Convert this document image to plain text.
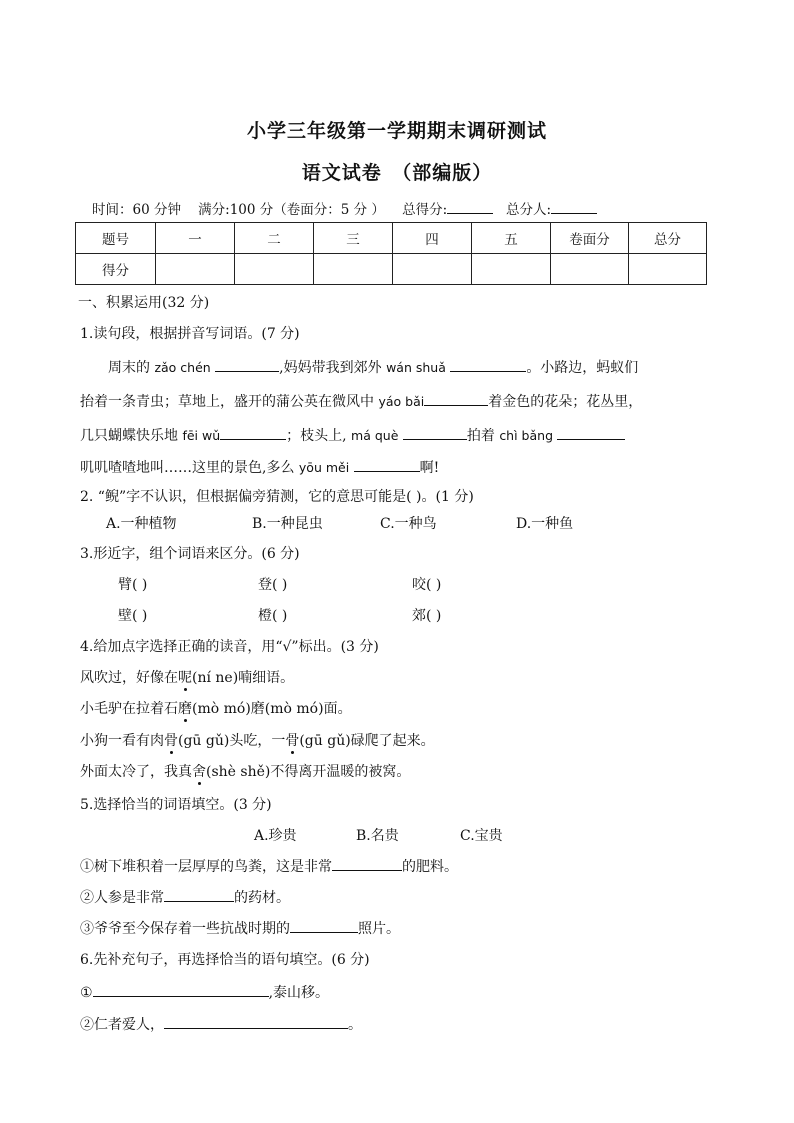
小学三年级第一学期期末调研测试
语文试卷　（部编版）
时间：60 分钟 满分:100 分（卷面分：5 分 ） 总得分:	总分人:
题号	一	二	三	四	五	卷面分	总分
得分							
一、积累运用(32 分)
1.读句段，根据拼音写词语。(7 分)
周末的 zǎo chén	,妈妈带我到郊外 wán shuǎ	。小路边，蚂蚁们
抬着一条青虫；草地上，盛开的蒲公英在微风中 yáo bǎi	着金色的花朵；花丛里，
几只蝴蝶快乐地 fēi wǔ	；枝头上, má què	拍着 chì bǎng
叽叽喳喳地叫……这里的景色,多么 yōu měi	啊!
2. “鲵”字不认识，但根据偏旁猜测，它的意思可能是( )。(1 分)
A.一种植物	B.一种昆虫	C.一种鸟	D.一种鱼
3.形近字，组个词语来区分。(6 分)
臂( )	登( )	咬( )
壁( )	橙( )	郊( )
4.给加点字选择正确的读音，用“√”标出。(3 分)
风吹过，好像在呢(ní ne)喃细语。
小毛驴在拉着石磨(mò mó)磨(mò mó)面。
小狗一看有肉骨(gū gǔ)头吃，一骨(gū gǔ)碌爬了起来。
外面太冷了，我真舍(shè shě)不得离开温暖的被窝。
5.选择恰当的词语填空。(3 分)
A.珍贵	B.名贵	C.宝贵
①树下堆积着一层厚厚的鸟粪，这是非常	的肥料。
②人参是非常	的药材。
③爷爷至今保存着一些抗战时期的	照片。
6.先补充句子，再选择恰当的语句填空。(6 分)
①	,泰山移。
②仁者爱人，	。
